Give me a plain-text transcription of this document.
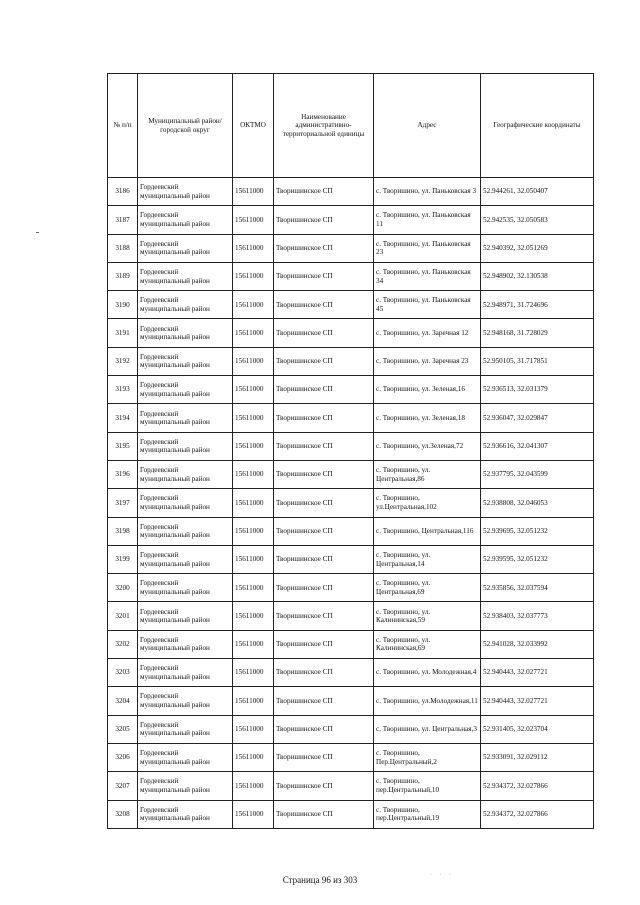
№ п/п	Муниципальный район/городской округ	ОКТМО	Наименование административно-территориальной единицы	Адрес	Географические координаты
3186	Гордеевский муниципальный район	15611000	Творишинское СП	с. Творишино, ул. Паньковская 3	52.944261, 32.050407
3187	Гордеевский муниципальный район	15611000	Творишинское СП	с. Творишино, ул. Паньковская 11	52.942535, 32.050583
3188	Гордеевский муниципальный район	15611000	Творишинское СП	с. Творишино, ул. Паньковская 23	52.940392, 32.051269
3189	Гордеевский муниципальный район	15611000	Творишинское СП	с. Творишино, ул. Паньковская 34	52.948902, 32.130538
3190	Гордеевский муниципальный район	15611000	Творишинское СП	с. Творишино, ул. Паньковская 45	52.948971, 31.724696
3191	Гордеевский муниципальный район	15611000	Творишинское СП	с. Творишино, ул. Заречная 12	52.948168, 31.728029
3192	Гордеевский муниципальный район	15611000	Творишинское СП	с. Творишино, ул. Заречная 23	52.950105, 31.717851
3193	Гордеевский муниципальный район	15611000	Творишинское СП	с. Творишино, ул. Зеленая,16	52.936513, 32.031379
3194	Гордеевский муниципальный район	15611000	Творишинское СП	с. Творишино, ул. Зеленая,18	52.936047, 32.029847
3195	Гордеевский муниципальный район	15611000	Творишинское СП	с. Творишино, ул.Зеленая,72	52.936616, 32.041307
3196	Гордеевский муниципальный район	15611000	Творишинское СП	с. Творишино, ул. Центральная,86	52.937795, 32.043599
3197	Гордеевский муниципальный район	15611000	Творишинское СП	с. Творишино, ул.Центральная,102	52.938808, 32.046053
3198	Гордеевский муниципальный район	15611000	Творишинское СП	с. Творишино, Центральная,116	52.939695, 32.051232
3199	Гордеевский муниципальный район	15611000	Творишинское СП	с. Творишино, ул. Центральная,14	52.939595, 32.051232
3200	Гордеевский муниципальный район	15611000	Творишинское СП	с. Творишино, ул. Центральная,69	52.935856, 32.037594
3201	Гордеевский муниципальный район	15611000	Творишинское СП	с. Творишино, ул. Калининская,59	52.938403, 32.037773
3202	Гордеевский муниципальный район	15611000	Творишинское СП	с. Творишино, ул. Калининская,69	52.941028, 32.033992
3203	Гордеевский муниципальный район	15611000	Творишинское СП	с. Творишино, ул. Молодежная,4	52.940443, 32.027721
3204	Гордеевский муниципальный район	15611000	Творишинское СП	с. Творишино, ул.Молодежная,11	52.940443, 32.027721
3205	Гордеевский муниципальный район	15611000	Творишинское СП	с. Творишино, ул. Центральная,3	52.931405, 32.023704
3206	Гордеевский муниципальный район	15611000	Творишинское СП	с. Творишино, Пер.Центральный,2	52.933091, 32.029112
3207	Гордеевский муниципальный район	15611000	Творишинское СП	с. Творишино, пер.Центральный,10	52.934372, 32.027866
3208	Гордеевский муниципальный район	15611000	Творишинское СП	с. Творишино, пер.Центральный,19	52.934372, 32.027866
Страница 96 из 303	· · ·
